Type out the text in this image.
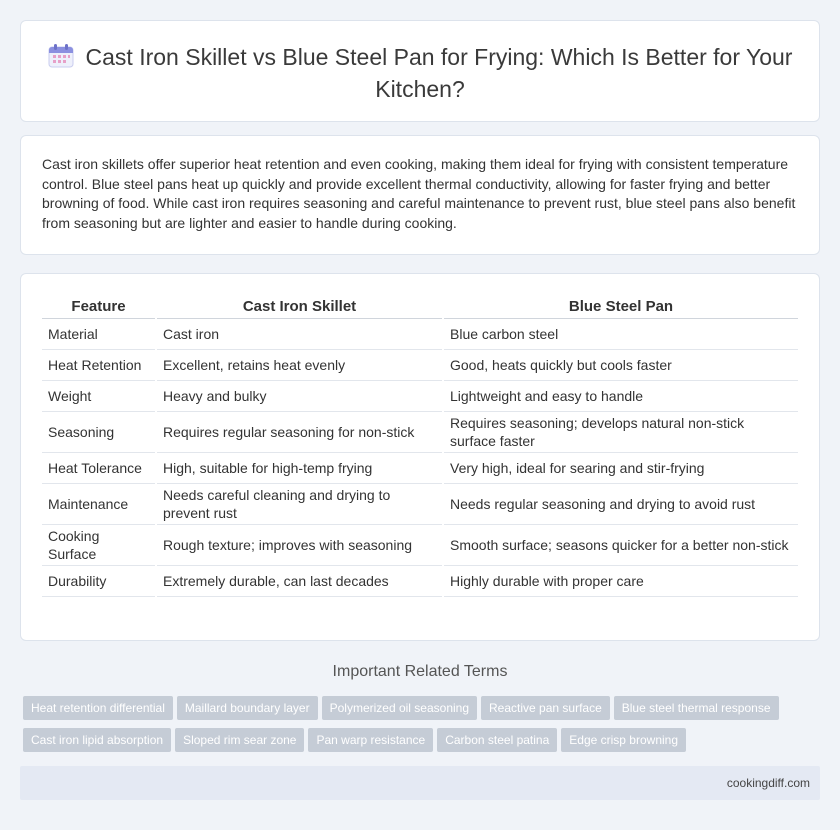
Cast Iron Skillet vs Blue Steel Pan for Frying: Which Is Better for Your Kitchen?

Cast iron skillets offer superior heat retention and even cooking, making them ideal for frying with consistent temperature control. Blue steel pans heat up quickly and provide excellent thermal conductivity, allowing for faster frying and better browning of food. While cast iron requires seasoning and careful maintenance to prevent rust, blue steel pans also benefit from seasoning but are lighter and easier to handle during cooking.

Feature	Cast Iron Skillet	Blue Steel Pan
Material	Cast iron	Blue carbon steel
Heat Retention	Excellent, retains heat evenly	Good, heats quickly but cools faster
Weight	Heavy and bulky	Lightweight and easy to handle
Seasoning	Requires regular seasoning for non-stick	Requires seasoning; develops natural non-stick surface faster
Heat Tolerance	High, suitable for high-temp frying	Very high, ideal for searing and stir-frying
Maintenance	Needs careful cleaning and drying to prevent rust	Needs regular seasoning and drying to avoid rust
Cooking Surface	Rough texture; improves with seasoning	Smooth surface; seasons quicker for a better non-stick
Durability	Extremely durable, can last decades	Highly durable with proper care
Important Related Terms
Heat retention differential Maillard boundary layer Polymerized oil seasoning Reactive pan surface Blue steel thermal response
Cast iron lipid absorption Sloped rim sear zone Pan warp resistance Carbon steel patina Edge crisp browning
cookingdiff.com
